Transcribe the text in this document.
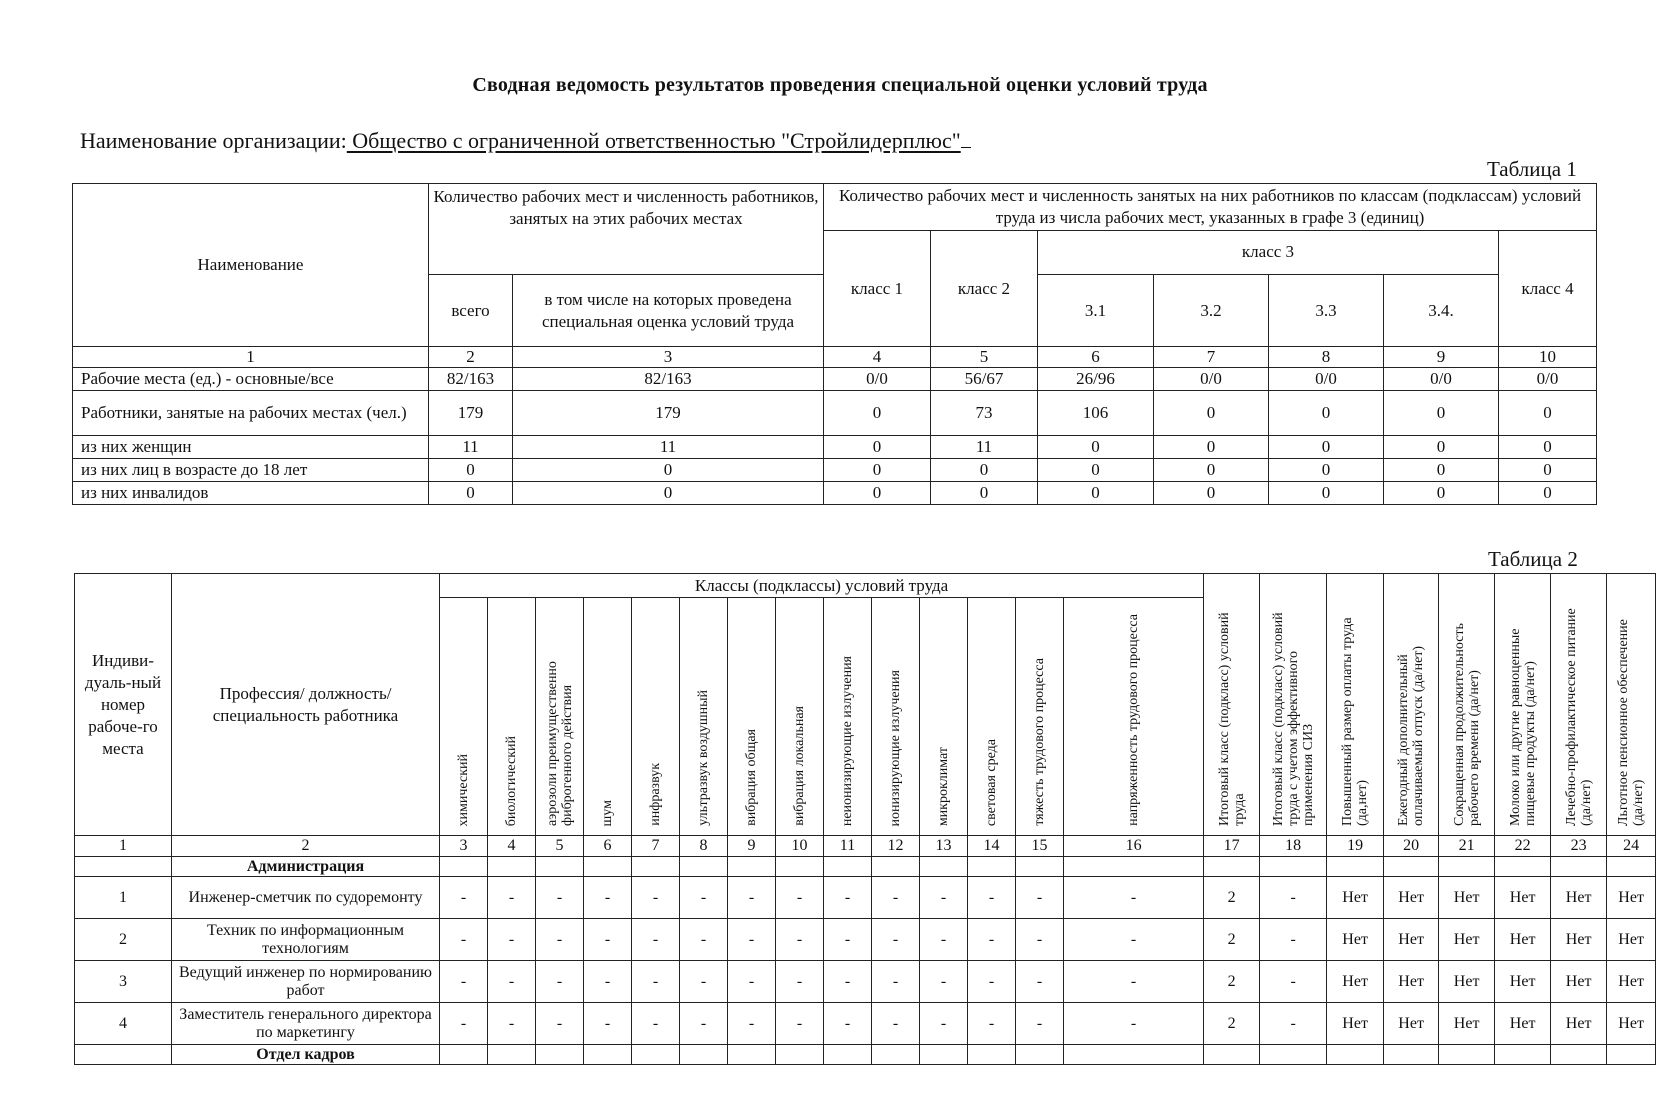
Сводная ведомость результатов проведения специальной оценки условий труда
Наименование организации: Общество с ограниченной ответственностью "Стройлидерплюс"
Таблица 1
Наименование	Количество рабочих мест и численность работников, занятых на этих рабочих местах		Количество рабочих мест и численность занятых на них работников по классам (подклассам) условий труда из числа рабочих мест, указанных в графе 3 (единиц)						
			класс 1	класс 2	класс 3				класс 4
	всего	в том числе на которых проведена специальная оценка условий труда			3.1	3.2	3.3	3.4.	
1	2	3	4	5	6	7	8	9	10
Рабочие места (ед.) - основные/все	82/163	82/163	0/0	56/67	26/96	0/0	0/0	0/0	0/0
Работники, занятые на рабочих местах (чел.)	179	179	0	73	106	0	0	0	0
из них женщин	11	11	0	11	0	0	0	0	0
из них лиц в возрасте до 18 лет	0	0	0	0	0	0	0	0	0
из них инвалидов	0	0	0	0	0	0	0	0	0
Таблица 2
Индиви-дуаль-ный номер рабоче-го места	Профессия/ должность/ специальность работника	Классы (подклассы) условий труда														Итоговый класс (подкласс) условий труда	Итоговый класс (подкласс) условий труда с учетом эффективного применения СИЗ	Повышенный размер оплаты труда (да,нет)	Ежегодный дополнительный оплачиваемый отпуск (да/нет)	Сокращенная продолжительность рабочего времени (да/нет)	Молоко или другие равноценные пищевые продукты (да/нет)	Лечебно-профилактическое питание (да/нет)	Льготное пенсионное обеспечение (да/нет)
		химический	биологический	аэрозоли преимущественно фиброгенного действия	шум	инфразвук	ультразвук воздушный	вибрация общая	вибрация локальная	неионизирующие излучения	ионизирующие излучения	микроклимат	световая среда	тяжесть трудового процесса	напряженность трудового процесса								
1	2	3	4	5	6	7	8	9	10	11	12	13	14	15	16	17	18	19	20	21	22	23	24
	Администрация																						
1	Инженер-сметчик по судоремонту	-	-	-	-	-	-	-	-	-	-	-	-	-	-	2	-	Нет	Нет	Нет	Нет	Нет	Нет
2	Техник по информационным технологиям	-	-	-	-	-	-	-	-	-	-	-	-	-	-	2	-	Нет	Нет	Нет	Нет	Нет	Нет
3	Ведущий инженер по нормированию работ	-	-	-	-	-	-	-	-	-	-	-	-	-	-	2	-	Нет	Нет	Нет	Нет	Нет	Нет
4	Заместитель генерального директора по маркетингу	-	-	-	-	-	-	-	-	-	-	-	-	-	-	2	-	Нет	Нет	Нет	Нет	Нет	Нет
	Отдел кадров																						
